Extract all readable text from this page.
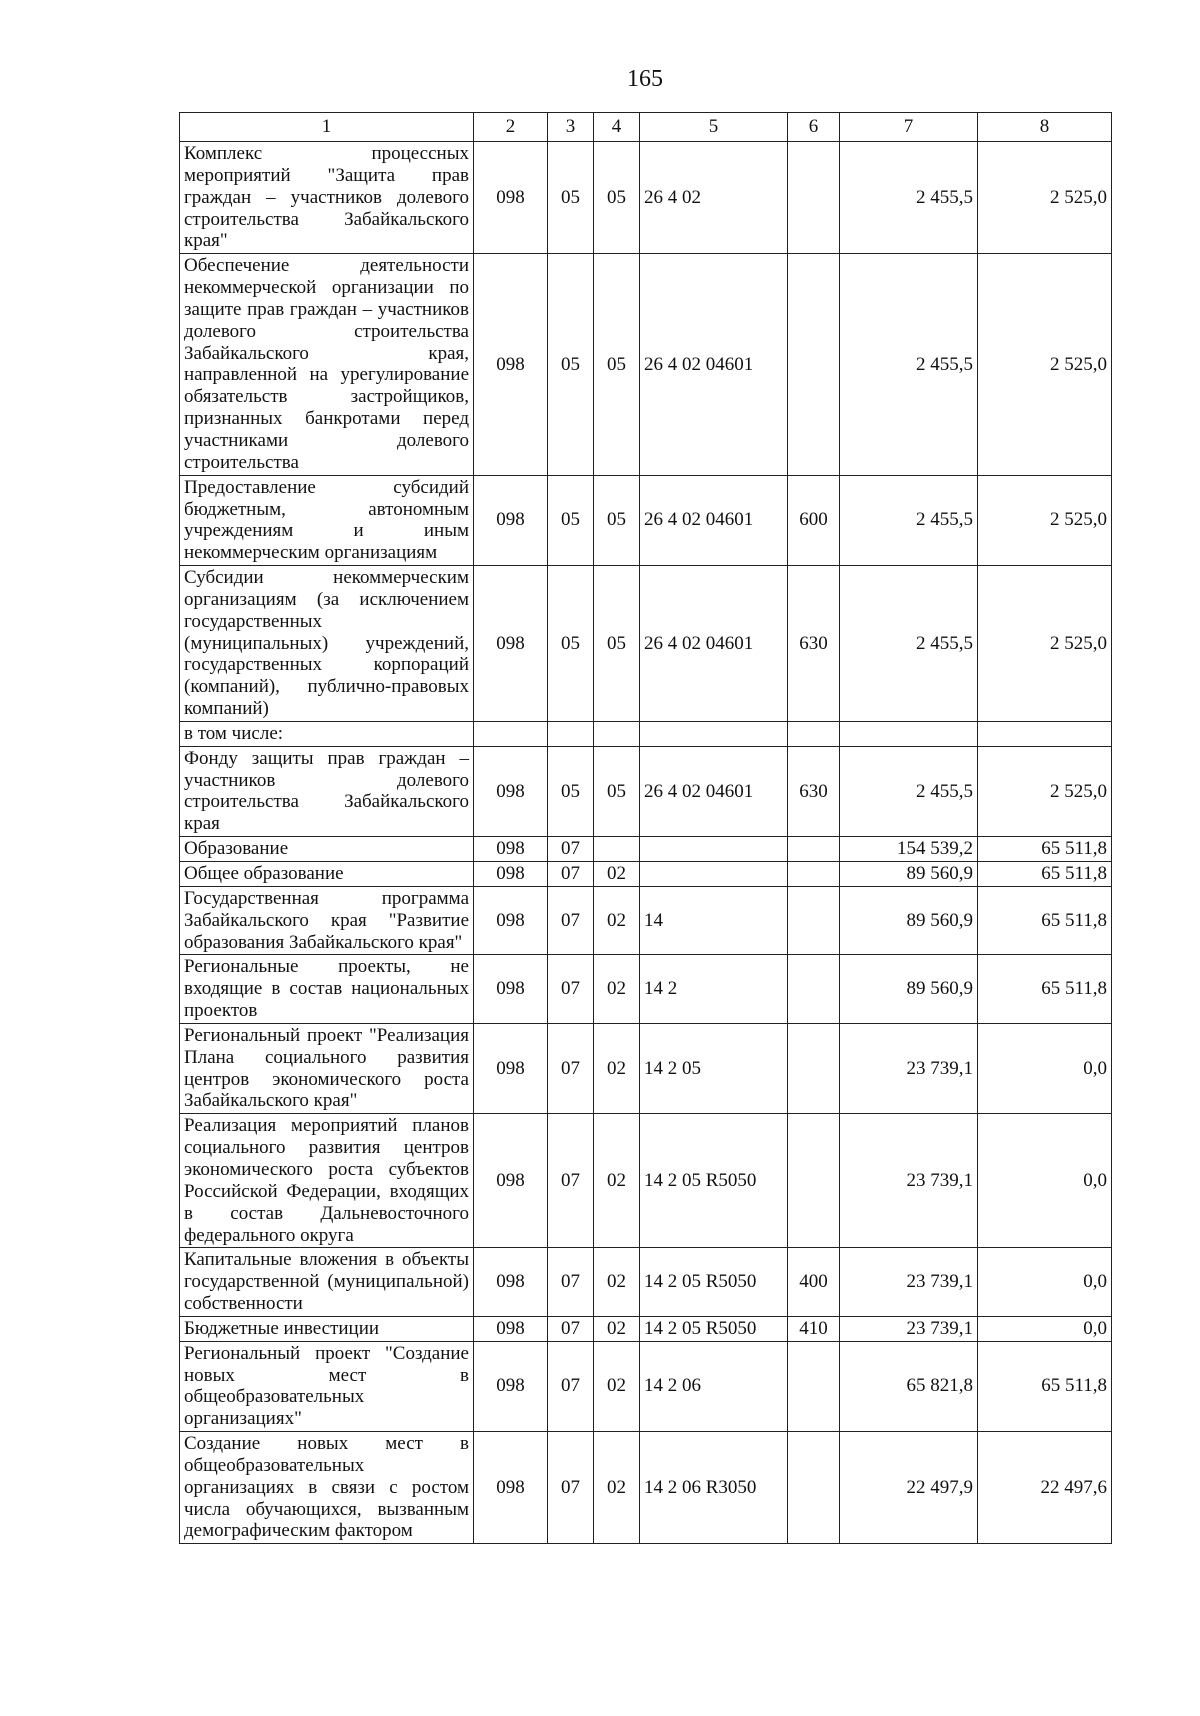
165
1	2	3	4	5	6	7	8
Комплекс процессных мероприятий "Защита прав граждан – участников долевого строительства Забайкальского края"	098	05	05	26 4 02		2 455,5	2 525,0
Обеспечение деятельности некоммерческой организации по защите прав граждан – участников долевого строительства Забайкальского края, направленной на урегулирование обязательств застройщиков, признанных банкротами перед участниками долевого строительства	098	05	05	26 4 02 04601		2 455,5	2 525,0
Предоставление субсидий бюджетным, автономным учреждениям и иным некоммерческим организациям	098	05	05	26 4 02 04601	600	2 455,5	2 525,0
Субсидии некоммерческим организациям (за исключением государственных (муниципальных) учреждений, государственных корпораций (компаний), публично-правовых компаний)	098	05	05	26 4 02 04601	630	2 455,5	2 525,0
в том числе:							
Фонду защиты прав граждан – участников долевого строительства Забайкальского края	098	05	05	26 4 02 04601	630	2 455,5	2 525,0
Образование	098	07				154 539,2	65 511,8
Общее образование	098	07	02			89 560,9	65 511,8
Государственная программа Забайкальского края "Развитие образования Забайкальского края"	098	07	02	14		89 560,9	65 511,8
Региональные проекты, не входящие в состав национальных проектов	098	07	02	14 2		89 560,9	65 511,8
Региональный проект "Реализация Плана социального развития центров экономического роста Забайкальского края"	098	07	02	14 2 05		23 739,1	0,0
Реализация мероприятий планов социального развития центров экономического роста субъектов Российской Федерации, входящих в состав Дальневосточного федерального округа	098	07	02	14 2 05 R5050		23 739,1	0,0
Капитальные вложения в объекты государственной (муниципальной) собственности	098	07	02	14 2 05 R5050	400	23 739,1	0,0
Бюджетные инвестиции	098	07	02	14 2 05 R5050	410	23 739,1	0,0
Региональный проект "Создание новых мест в общеобразовательных организациях"	098	07	02	14 2 06		65 821,8	65 511,8
Создание новых мест в общеобразовательных организациях в связи с ростом числа обучающихся, вызванным демографическим фактором	098	07	02	14 2 06 R3050		22 497,9	22 497,6
